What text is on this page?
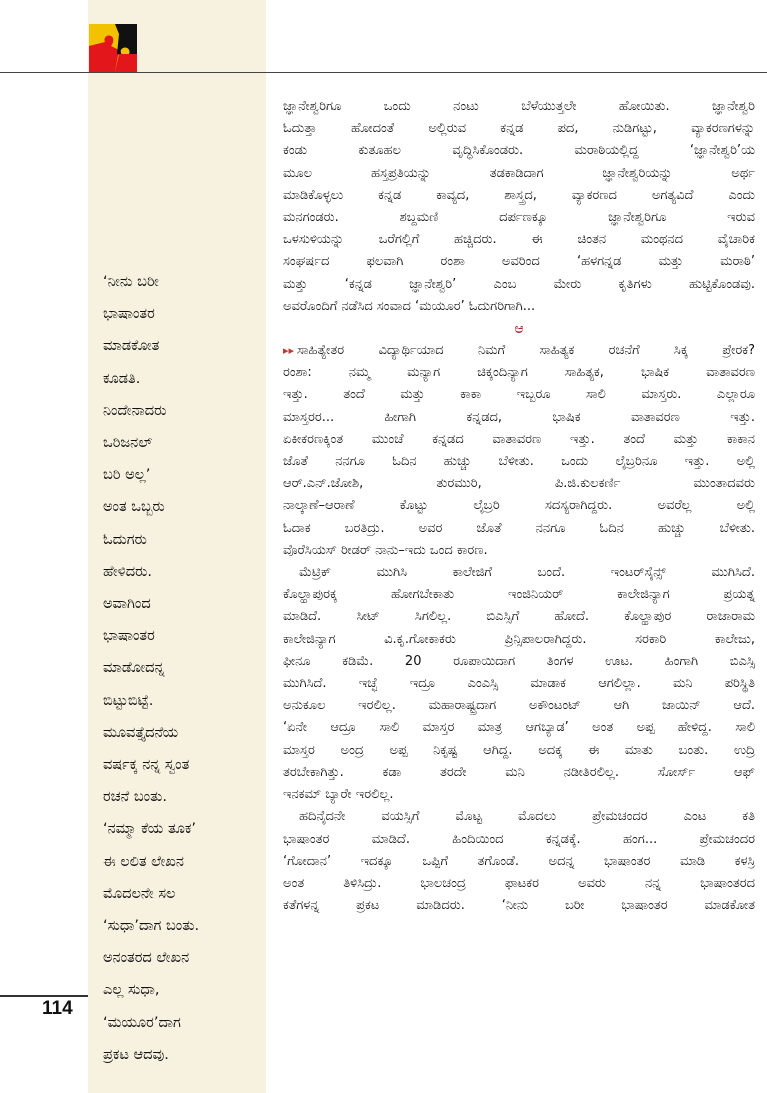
‘ನೀನು ಬರೀ
ಭಾಷಾಂತರ
ಮಾಡಕೋತ
ಕೂಡತಿ.
ನಿಂದೇನಾದರು
ಒರಿಜನಲ್
ಬರಿ ಅಲ್ಲ’
ಅಂತ ಒಬ್ಬರು
ಓದುಗರು
ಹೇಳಿದರು.
ಅವಾಗಿಂದ
ಭಾಷಾಂತರ
ಮಾಡೋದನ್ನ
ಬಿಟ್ಟುಬಿಟ್ಟೆ.
ಮೂವತ್ತೈದನೆಯ
ವರ್ಷಕ್ಕ ನನ್ನ ಸ್ವಂತ
ರಚನೆ ಬಂತು.
‘ನಮ್ಮಾ ಕೆಯ ತೂಕ’
ಈ ಲಲಿತ ಲೇಖನ
ಮೊದಲನೇ ಸಲ
‘ಸುಧಾ’ದಾಗ ಬಂತು.
ಅನಂತರದ ಲೇಖನ
ಎಲ್ಲ ಸುಧಾ,
‘ಮಯೂರ’ದಾಗ
ಪ್ರಕಟ ಆದವು.
ಜ್ಞಾನೇಶ್ವರಿಗೂ ಒಂದು ನಂಟು ಬೆಳೆಯುತ್ತಲೇ ಹೋಯಿತು. ಜ್ಞಾನೇಶ್ವರಿ
ಓದುತ್ತಾ ಹೋದಂತೆ ಅಲ್ಲಿರುವ ಕನ್ನಡ ಪದ, ನುಡಿಗಟ್ಟು, ವ್ಯಾಕರಣಗಳನ್ನು
ಕಂಡು ಕುತೂಹಲ ವೃದ್ಧಿಸಿಕೊಂಡರು. ಮರಾಠಿಯಲ್ಲಿದ್ದ ‘ಜ್ಞಾನೇಶ್ವರಿ’ಯ
ಮೂಲ ಹಸ್ತಪ್ರತಿಯನ್ನು ತಡಕಾಡಿದಾಗ ಜ್ಞಾನೇಶ್ವರಿಯನ್ನು ಅರ್ಥ
ಮಾಡಿಕೊಳ್ಳಲು ಕನ್ನಡ ಕಾವ್ಯದ, ಶಾಸ್ತ್ರದ, ವ್ಯಾಕರಣದ ಅಗತ್ಯವಿದೆ ಎಂದು
ಮನಗಂಡರು. ಶಬ್ದಮಣಿ ದರ್ಪಣಕ್ಕೂ ಜ್ಞಾನೇಶ್ವರಿಗೂ ಇರುವ
ಒಳಸುಳಿಯನ್ನು ಒರೆಗಲ್ಲಿಗೆ ಹಚ್ಚಿದರು. ಈ ಚಿಂತನ ಮಂಥನದ ವೈಚಾರಿಕ
ಸಂಘರ್ಷದ ಫಲವಾಗಿ ರಂಶಾ ಅವರಿಂದ ‘ಹಳಗನ್ನಡ ಮತ್ತು ಮರಾಠಿ’
ಮತ್ತು ‘ಕನ್ನಡ ಜ್ಞಾನೇಶ್ವರಿ’ ಎಂಬ ಮೇರು ಕೃತಿಗಳು ಹುಟ್ಟಿಕೊಂಡವು.
ಅವರೊಂದಿಗೆ ನಡೆಸಿದ ಸಂವಾದ ‘ಮಯೂರ’ ಓದುಗರಿಗಾಗಿ...
ಆ
▸▸ ಸಾಹಿತ್ಯೇತರ ವಿದ್ಯಾರ್ಥಿಯಾದ ನಿಮಗೆ ಸಾಹಿತ್ಯಕ ರಚನೆಗೆ ಸಿಕ್ಕ ಪ್ರೇರಕ?
ರಂಶಾ: ನಮ್ಮ ಮನ್ಯಾಗ ಚಿಕ್ಕಂದಿನ್ಯಾಗ ಸಾಹಿತ್ಯಕ, ಭಾಷಿಕ ವಾತಾವರಣ
ಇತ್ತು. ತಂದೆ ಮತ್ತು ಕಾಕಾ ಇಬ್ಬರೂ ಸಾಲಿ ಮಾಸ್ತರು. ಎಲ್ಲಾರೂ
ಮಾಸ್ತರರ... ಹೀಗಾಗಿ ಕನ್ನಡದ, ಭಾಷಿಕ ವಾತಾವರಣ ಇತ್ತು.
ಏಕೀಕರಣಕ್ಕಿಂತ ಮುಂಚೆ ಕನ್ನಡದ ವಾತಾವರಣ ಇತ್ತು. ತಂದೆ ಮತ್ತು ಕಾಕಾನ
ಜೊತೆ ನನಗೂ ಓದಿನ ಹುಚ್ಚು ಬೆಳೀತು. ಒಂದು ಲೈಬ್ರರಿನೂ ಇತ್ತು. ಅಲ್ಲಿ
ಆರ್.ಎನ್.ಜೋಶಿ, ತುರಮುರಿ, ಪಿ.ಜಿ.ಕುಲಕರ್ಣಿ ಮುಂತಾದವರು
ನಾಲ್ಕಾಣೆ–ಆರಾಣೆ ಕೊಟ್ಟು ಲೈಬ್ರರಿ ಸದಸ್ಯರಾಗಿದ್ದರು. ಅವರೆಲ್ಲ ಅಲ್ಲಿ
ಓದಾಕ ಬರತಿದ್ರು. ಅವರ ಜೊತೆ ನನಗೂ ಓದಿನ ಹುಚ್ಚು ಬೆಳೀತು.
ವೊರೆಸಿಯಸ್ ರೀಡರ್ ನಾನು–ಇದು ಒಂದ ಕಾರಣ.
ಮೆಟ್ರಿಕ್ ಮುಗಿಸಿ ಕಾಲೇಜಿಗೆ ಬಂದೆ. ಇಂಟರ್‌ಸೈನ್ಸ್ ಮುಗಿಸಿದೆ.
ಕೊಲ್ಹಾಪುರಕ್ಕ ಹೋಗಬೇಕಾತು ಇಂಜಿನಿಯರ್ ಕಾಲೇಜಿನ್ಯಾಗ ಪ್ರಯತ್ನ
ಮಾಡಿದೆ. ಸೀಟ್ ಸಿಗಲಿಲ್ಲ. ಬಿಎಸ್ಸಿಗೆ ಹೋದೆ. ಕೊಲ್ಹಾಪುರ ರಾಜಾರಾಮ
ಕಾಲೇಜಿನ್ಯಾಗ ವಿ.ಕೃ.ಗೋಕಾಕರು ಪ್ರಿನ್ಸಿಪಾಲರಾಗಿದ್ದರು. ಸರಕಾರಿ ಕಾಲೇಜು,
ಫೀನೂ ಕಡಿಮೆ. 20 ರೂಪಾಯಿದಾಗ ತಿಂಗಳ ಊಟ. ಹಿಂಗಾಗಿ ಬಿಎಸ್ಸಿ
ಮುಗಿಸಿದೆ. ಇಚ್ಛೆ ಇದ್ರೂ ಎಂಎಸ್ಸಿ ಮಾಡಾಕ ಆಗಲಿಲ್ಲಾ. ಮನಿ ಪರಿಸ್ಥಿತಿ
ಅನುಕೂಲ ಇರಲಿಲ್ಲ. ಮಹಾರಾಷ್ಟ್ರದಾಗ ಅಕೌಂಟಂಟ್ ಆಗಿ ಜಾಯಿನ್ ಆದೆ.
‘ಏನೇ ಆದ್ರೂ ಸಾಲಿ ಮಾಸ್ತರ ಮಾತ್ರ ಆಗಬ್ಯಾಡ’ ಅಂತ ಅಪ್ಪ ಹೇಳಿದ್ದ. ಸಾಲಿ
ಮಾಸ್ತರ ಅಂದ್ರ ಅಪ್ಪ ನಿಕೃಷ್ಟ ಆಗಿದ್ದ. ಅದಕ್ಕ ಈ ಮಾತು ಬಂತು. ಉದ್ರಿ
ತರಬೇಕಾಗಿತ್ತು. ಕಡಾ ತರದೇ ಮನಿ ನಡೀತಿರಲಿಲ್ಲ. ಸೋರ್ಸ್ ಆಫ್
ಇನಕಮ್ ಬ್ಯಾರೇ ಇರಲಿಲ್ಲ.
ಹದಿನೈದನೇ ವಯಸ್ಸಿಗೆ ಮೊಟ್ಟ ಮೊದಲು ಪ್ರೇಮಚಂದರ ಎಂಟ ಕತಿ
ಭಾಷಾಂತರ ಮಾಡಿದೆ. ಹಿಂದಿಯಿಂದ ಕನ್ನಡಕ್ಕೆ. ಹಂಗ... ಪ್ರೇಮಚಂದರ
‘ಗೋದಾನ’ ಇದಕ್ಕೂ ಒಪ್ಪಿಗೆ ತಗೊಂಡೆ. ಅದನ್ನ ಭಾಷಾಂತರ ಮಾಡಿ ಕಳಸ್ರಿ
ಅಂತ ತಿಳಿಸಿದ್ರು. ಭಾಲಚಂದ್ರ ಫಾಟಕರ ಅವರು ನನ್ನ ಭಾಷಾಂತರದ
ಕತೆಗಳನ್ನ ಪ್ರಕಟ ಮಾಡಿದರು. ‘ನೀನು ಬರೀ ಭಾಷಾಂತರ ಮಾಡಕೋತ
114
